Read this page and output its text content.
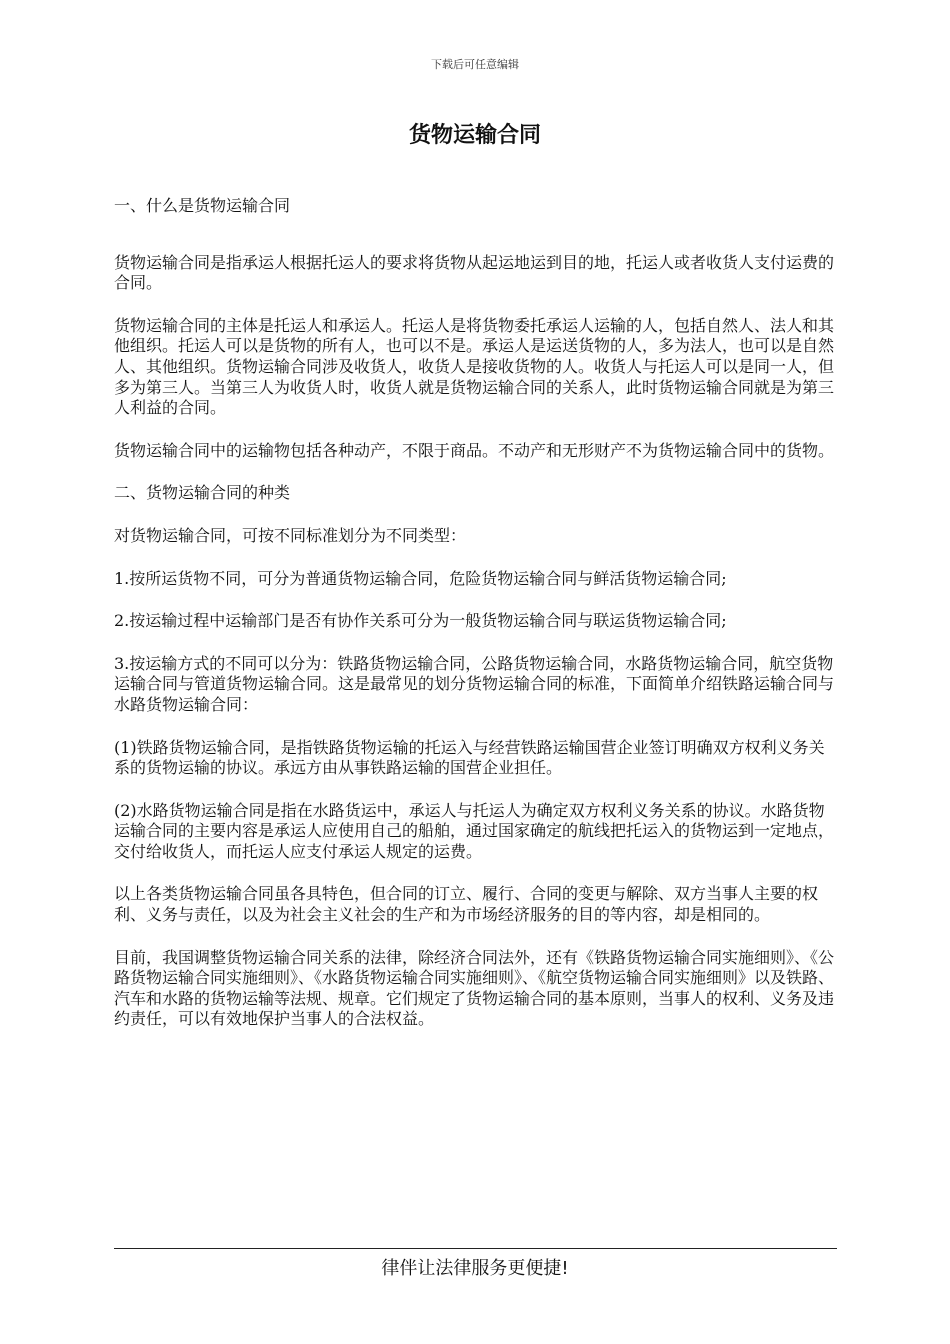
下载后可任意编辑
货物运输合同

一、什么是货物运输合同

货物运输合同是指承运人根据托运人的要求将货物从起运地运到目的地，托运人或者收货人支付运费的合同。

货物运输合同的主体是托运人和承运人。托运人是将货物委托承运人运输的人，包括自然人、法人和其他组织。托运人可以是货物的所有人，也可以不是。承运人是运送货物的人，多为法人，也可以是自然人、其他组织。货物运输合同涉及收货人，收货人是接收货物的人。收货人与托运人可以是同一人，但多为第三人。当第三人为收货人时，收货人就是货物运输合同的关系人，此时货物运输合同就是为第三人利益的合同。

货物运输合同中的运输物包括各种动产，不限于商品。不动产和无形财产不为货物运输合同中的货物。

二、货物运输合同的种类

对货物运输合同，可按不同标准划分为不同类型：

1.按所运货物不同，可分为普通货物运输合同，危险货物运输合同与鲜活货物运输合同;

2.按运输过程中运输部门是否有协作关系可分为一般货物运输合同与联运货物运输合同;

3.按运输方式的不同可以分为：铁路货物运输合同，公路货物运输合同，水路货物运输合同，航空货物运输合同与管道货物运输合同。这是最常见的划分货物运输合同的标准，下面简单介绍铁路运输合同与水路货物运输合同：

(1)铁路货物运输合同，是指铁路货物运输的托运入与经营铁路运输国营企业签订明确双方权利义务关系的货物运输的协议。承远方由从事铁路运输的国营企业担任。

(2)水路货物运输合同是指在水路货运中，承运人与托运人为确定双方权利义务关系的协议。水路货物运输合同的主要内容是承运人应使用自己的船舶，通过国家确定的航线把托运入的货物运到一定地点，交付给收货人，而托运人应支付承运人规定的运费。

以上各类货物运输合同虽各具特色，但合同的订立、履行、合同的变更与解除、双方当事人主要的权利、义务与责任，以及为社会主义社会的生产和为市场经济服务的目的等内容，却是相同的。

目前，我国调整货物运输合同关系的法律，除经济合同法外，还有《铁路货物运输合同实施细则》、《公路货物运输合同实施细则》、《水路货物运输合同实施细则》、《航空货物运输合同实施细则》以及铁路、汽车和水路的货物运输等法规、规章。它们规定了货物运输合同的基本原则，当事人的权利、义务及违约责任，可以有效地保护当事人的合法权益。

律伴让法律服务更便捷!
